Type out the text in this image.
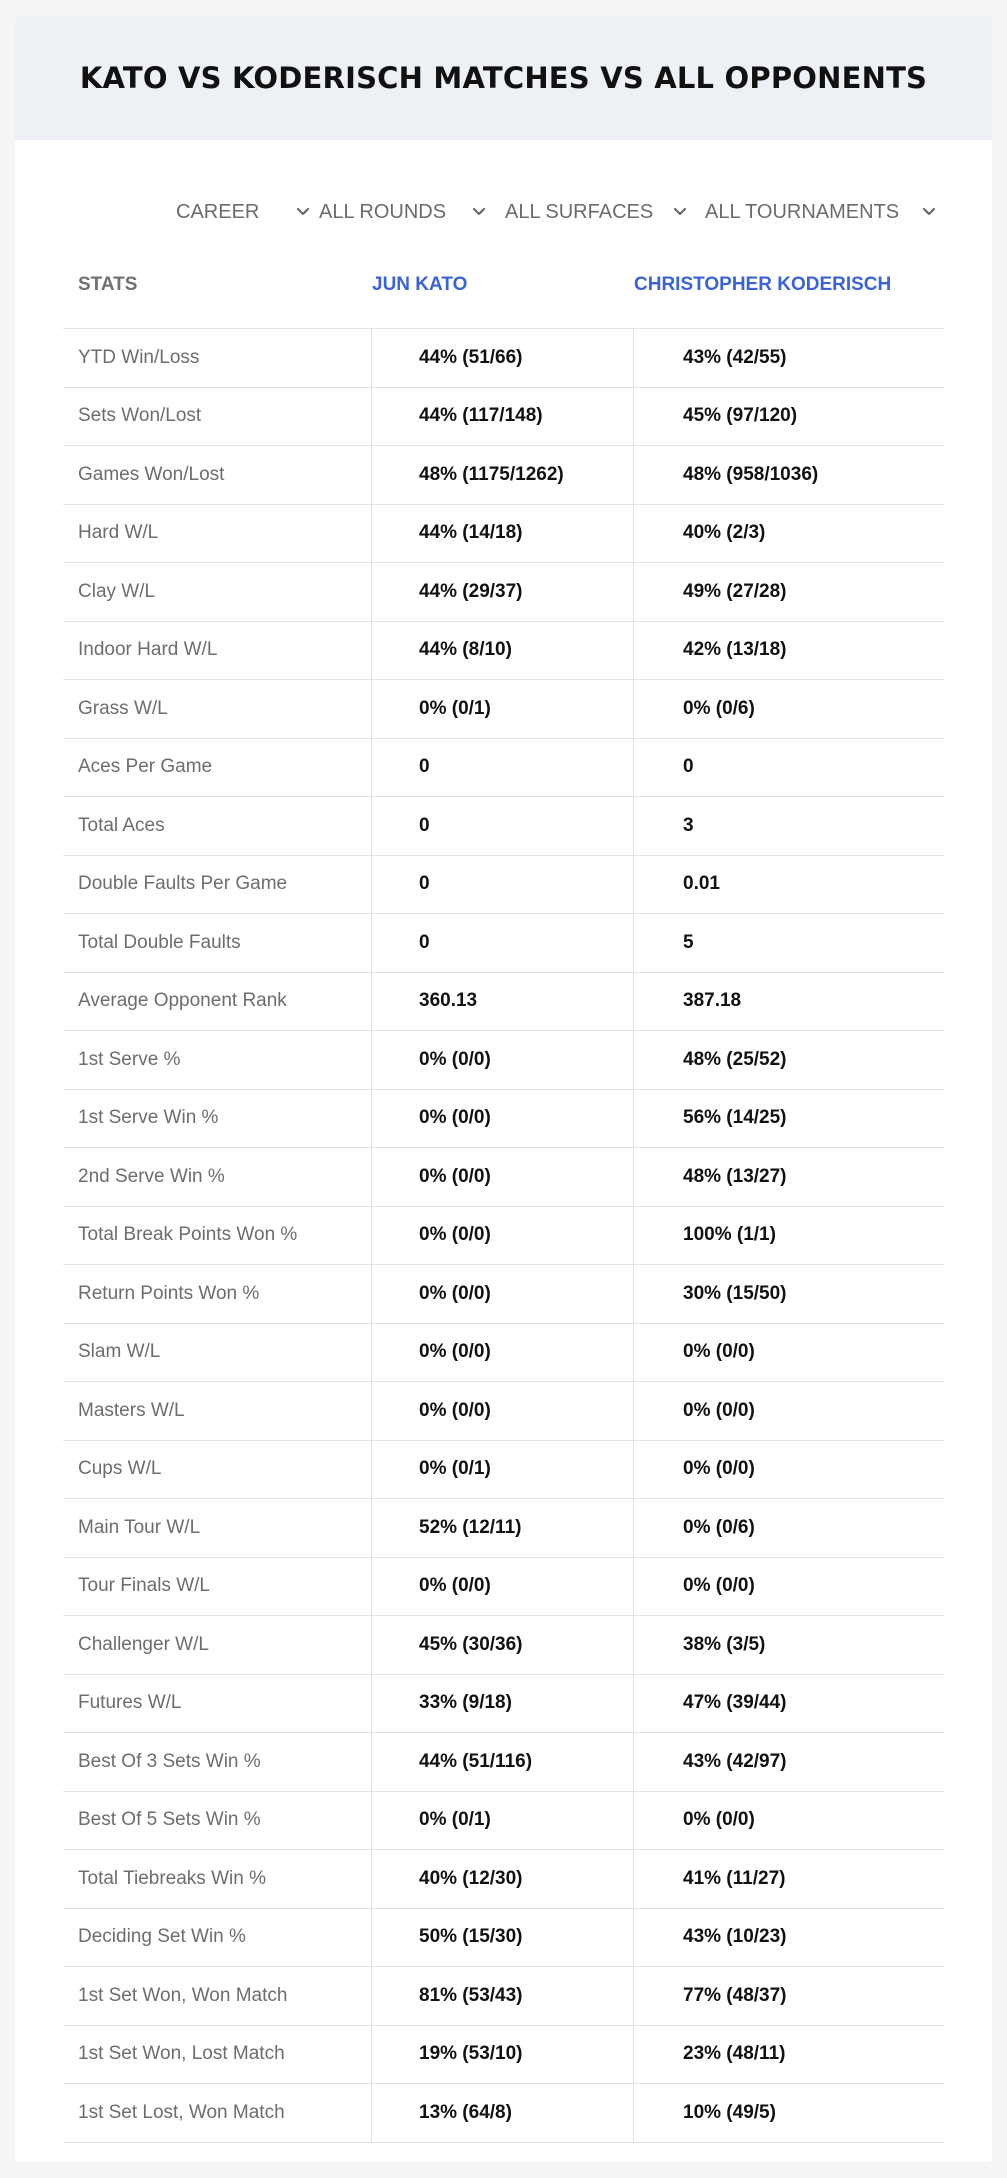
KATO VS KODERISCH MATCHES VS ALL OPPONENTS
CAREER	ALL ROUNDS	ALL SURFACES	ALL TOURNAMENTS
STATS	JUN KATO	CHRISTOPHER KODERISCH
YTD Win/Loss	44% (51/66)	43% (42/55)
Sets Won/Lost	44% (117/148)	45% (97/120)
Games Won/Lost	48% (1175/1262)	48% (958/1036)
Hard W/L	44% (14/18)	40% (2/3)
Clay W/L	44% (29/37)	49% (27/28)
Indoor Hard W/L	44% (8/10)	42% (13/18)
Grass W/L	0% (0/1)	0% (0/6)
Aces Per Game	0	0
Total Aces	0	3
Double Faults Per Game	0	0.01
Total Double Faults	0	5
Average Opponent Rank	360.13	387.18
1st Serve %	0% (0/0)	48% (25/52)
1st Serve Win %	0% (0/0)	56% (14/25)
2nd Serve Win %	0% (0/0)	48% (13/27)
Total Break Points Won %	0% (0/0)	100% (1/1)
Return Points Won %	0% (0/0)	30% (15/50)
Slam W/L	0% (0/0)	0% (0/0)
Masters W/L	0% (0/0)	0% (0/0)
Cups W/L	0% (0/1)	0% (0/0)
Main Tour W/L	52% (12/11)	0% (0/6)
Tour Finals W/L	0% (0/0)	0% (0/0)
Challenger W/L	45% (30/36)	38% (3/5)
Futures W/L	33% (9/18)	47% (39/44)
Best Of 3 Sets Win %	44% (51/116)	43% (42/97)
Best Of 5 Sets Win %	0% (0/1)	0% (0/0)
Total Tiebreaks Win %	40% (12/30)	41% (11/27)
Deciding Set Win %	50% (15/30)	43% (10/23)
1st Set Won, Won Match	81% (53/43)	77% (48/37)
1st Set Won, Lost Match	19% (53/10)	23% (48/11)
1st Set Lost, Won Match	13% (64/8)	10% (49/5)
